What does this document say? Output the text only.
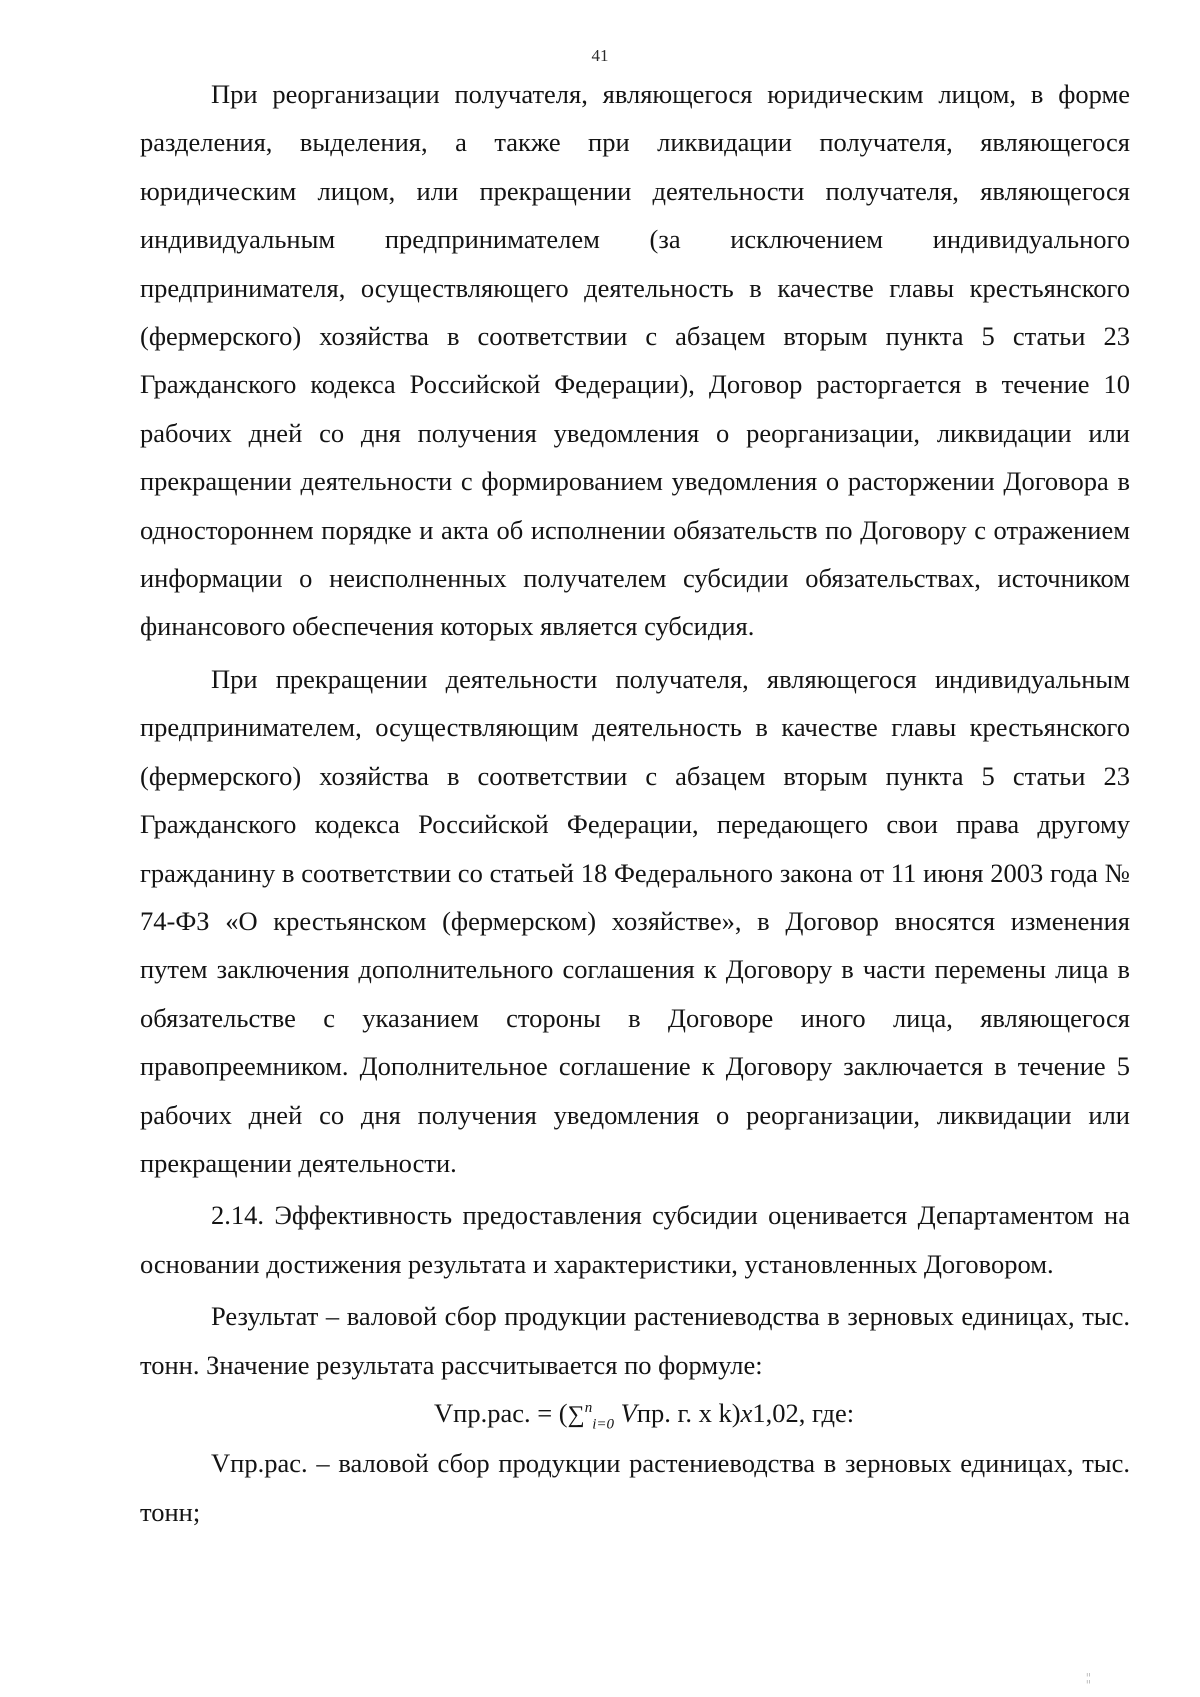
41

При реорганизации получателя, являющегося юридическим лицом, в форме разделения, выделения, а также при ликвидации получателя, являющегося юридическим лицом, или прекращении деятельности получателя, являющегося индивидуальным предпринимателем (за исключением индивидуального предпринимателя, осуществляющего деятельность в качестве главы крестьянского (фермерского) хозяйства в соответствии с абзацем вторым пункта 5 статьи 23 Гражданского кодекса Российской Федерации), Договор расторгается в течение 10 рабочих дней со дня получения уведомления о реорганизации, ликвидации или прекращении деятельности с формированием уведомления о расторжении Договора в одностороннем порядке и акта об исполнении обязательств по Договору с отражением информации о неисполненных получателем субсидии обязательствах, источником финансового обеспечения которых является субсидия.

При прекращении деятельности получателя, являющегося индивидуальным предпринимателем, осуществляющим деятельность в качестве главы крестьянского (фермерского) хозяйства в соответствии с абзацем вторым пункта 5 статьи 23 Гражданского кодекса Российской Федерации, передающего свои права другому гражданину в соответствии со статьей 18 Федерального закона от 11 июня 2003 года № 74-ФЗ «О крестьянском (фермерском) хозяйстве», в Договор вносятся изменения путем заключения дополнительного соглашения к Договору в части перемены лица в обязательстве с указанием стороны в Договоре иного лица, являющегося правопреемником. Дополнительное соглашение к Договору заключается в течение 5 рабочих дней со дня получения уведомления о реорганизации, ликвидации или прекращении деятельности.

2.14. Эффективность предоставления субсидии оценивается Департаментом на основании достижения результата и характеристики, установленных Договором.

Результат – валовой сбор продукции растениеводства в зерновых единицах, тыс. тонн. Значение результата рассчитывается по формуле:

Vпр.рас. = (∑$^n_{i=0}$ Vпр. г. х k)x1,02, где:

Vпр.рас. – валовой сбор продукции растениеводства в зерновых единицах, тыс. тонн;

¦¦
